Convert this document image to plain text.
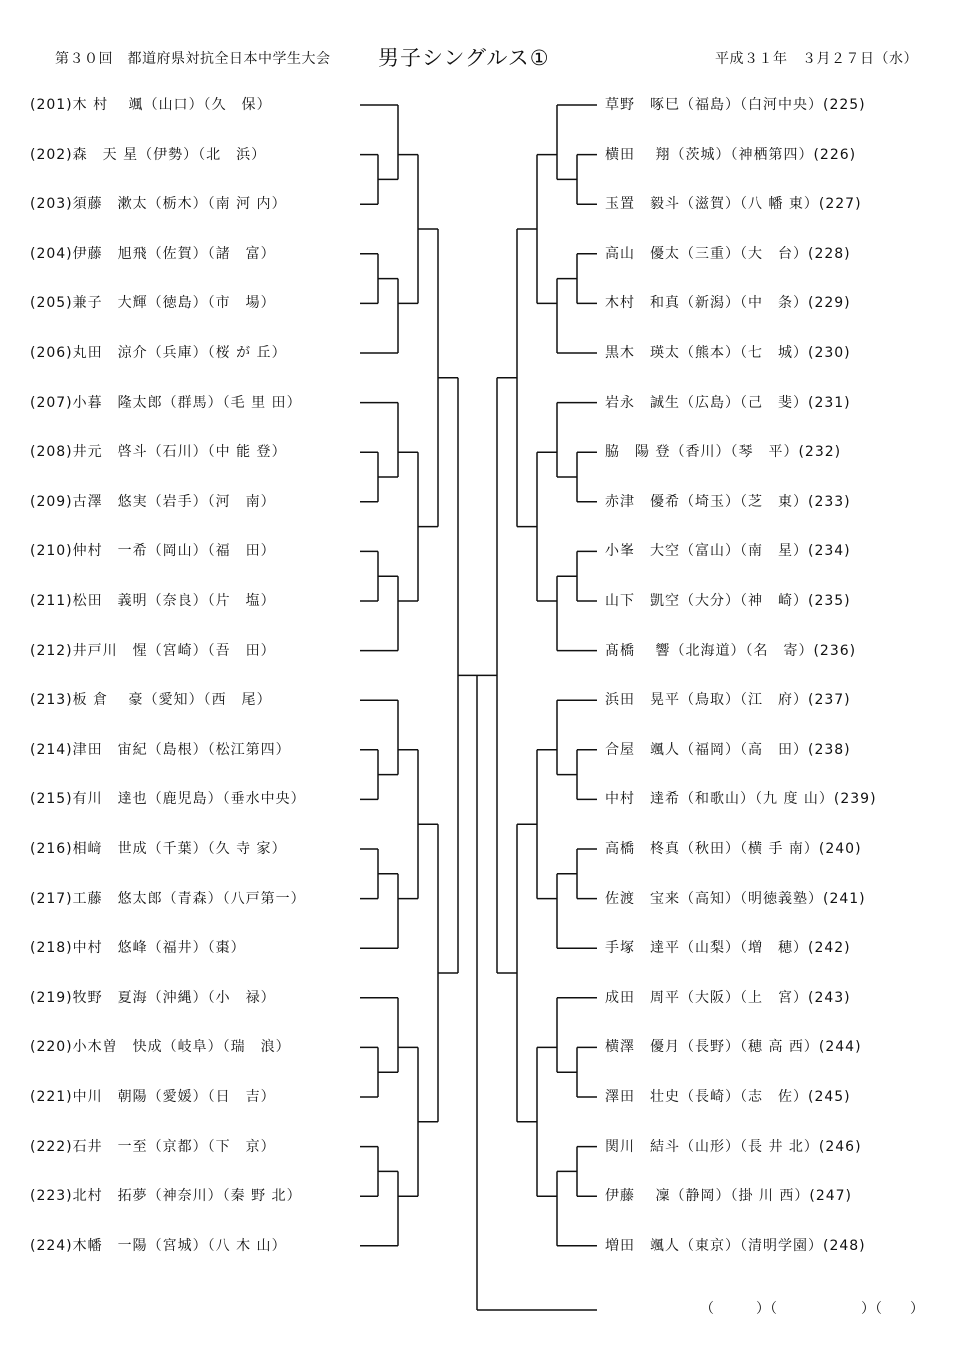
第３０回　都道府県対抗全日本中学生大会 男子シングルス①	平成３１年　３月２７日（水）
(201)木 村　 颯（山口）（久　保）	草野　啄巳（福島）（白河中央）(225)
(202)森　天 星（伊勢）（北　浜）	横田　 翔（茨城）（神栖第四）(226)
(203)須藤　漱太（栃木）（南 河 内）	玉置　毅斗（滋賀）（八 幡 東）(227)
(204)伊藤　旭飛（佐賀）（諸　富）	高山　優太（三重）（大　台）(228)
(205)兼子　大輝（徳島）（市　場）	木村　和真（新潟）（中　条）(229)
(206)丸田　涼介（兵庫）（桜 が 丘）	黒木　瑛太（熊本）（七　城）(230)
(207)小暮　隆太郎（群馬）（毛 里 田）	岩永　誠生（広島）（己　斐）(231)
(208)井元　啓斗（石川）（中 能 登）	脇　陽 登（香川）（琴　平）(232)
(209)古澤　悠実（岩手）（河　南）	赤津　優希（埼玉）（芝　東）(233)
(210)仲村　一希（岡山）（福　田）	小峯　大空（富山）（南　星）(234)
(211)松田　義明（奈良）（片　塩）	山下　凱空（大分）（神　崎）(235)
(212)井戸川　惺（宮崎）（吾　田）	髙橋　 響（北海道）（名　寄）(236)
(213)板 倉　 豪（愛知）（西　尾）	浜田　晃平（鳥取）（江　府）(237)
(214)津田　宙紀（島根）（松江第四）	合屋　颯人（福岡）（高　田）(238)
(215)有川　達也（鹿児島）（垂水中央）	中村　達希（和歌山）（九 度 山）(239)
(216)相﨑　世成（千葉）（久 寺 家）	高橋　柊真（秋田）（横 手 南）(240)
(217)工藤　悠太郎（青森）（八戸第一）	佐渡　宝来（高知）（明徳義塾）(241)
(218)中村　悠峰（福井）（棗）	手塚　達平（山梨）（増　穂）(242)
(219)牧野　夏海（沖縄）（小　禄）	成田　周平（大阪）（上　宮）(243)
(220)小木曽　快成（岐阜）（瑞　浪）	横澤　優月（長野）（穂 高 西）(244)
(221)中川　朝陽（愛媛）（日　吉）	澤田　壮史（長崎）（志　佐）(245)
(222)石井　一至（京都）（下　京）	関川　結斗（山形）（長 井 北）(246)
(223)北村　拓夢（神奈川）（秦 野 北）	伊藤　 凜（静岡）（掛 川 西）(247)
(224)木幡　一陽（宮城）（八 木 山）	増田　颯人（東京）（清明学園）(248)
（　　　）（　　　　　　）（　　）
